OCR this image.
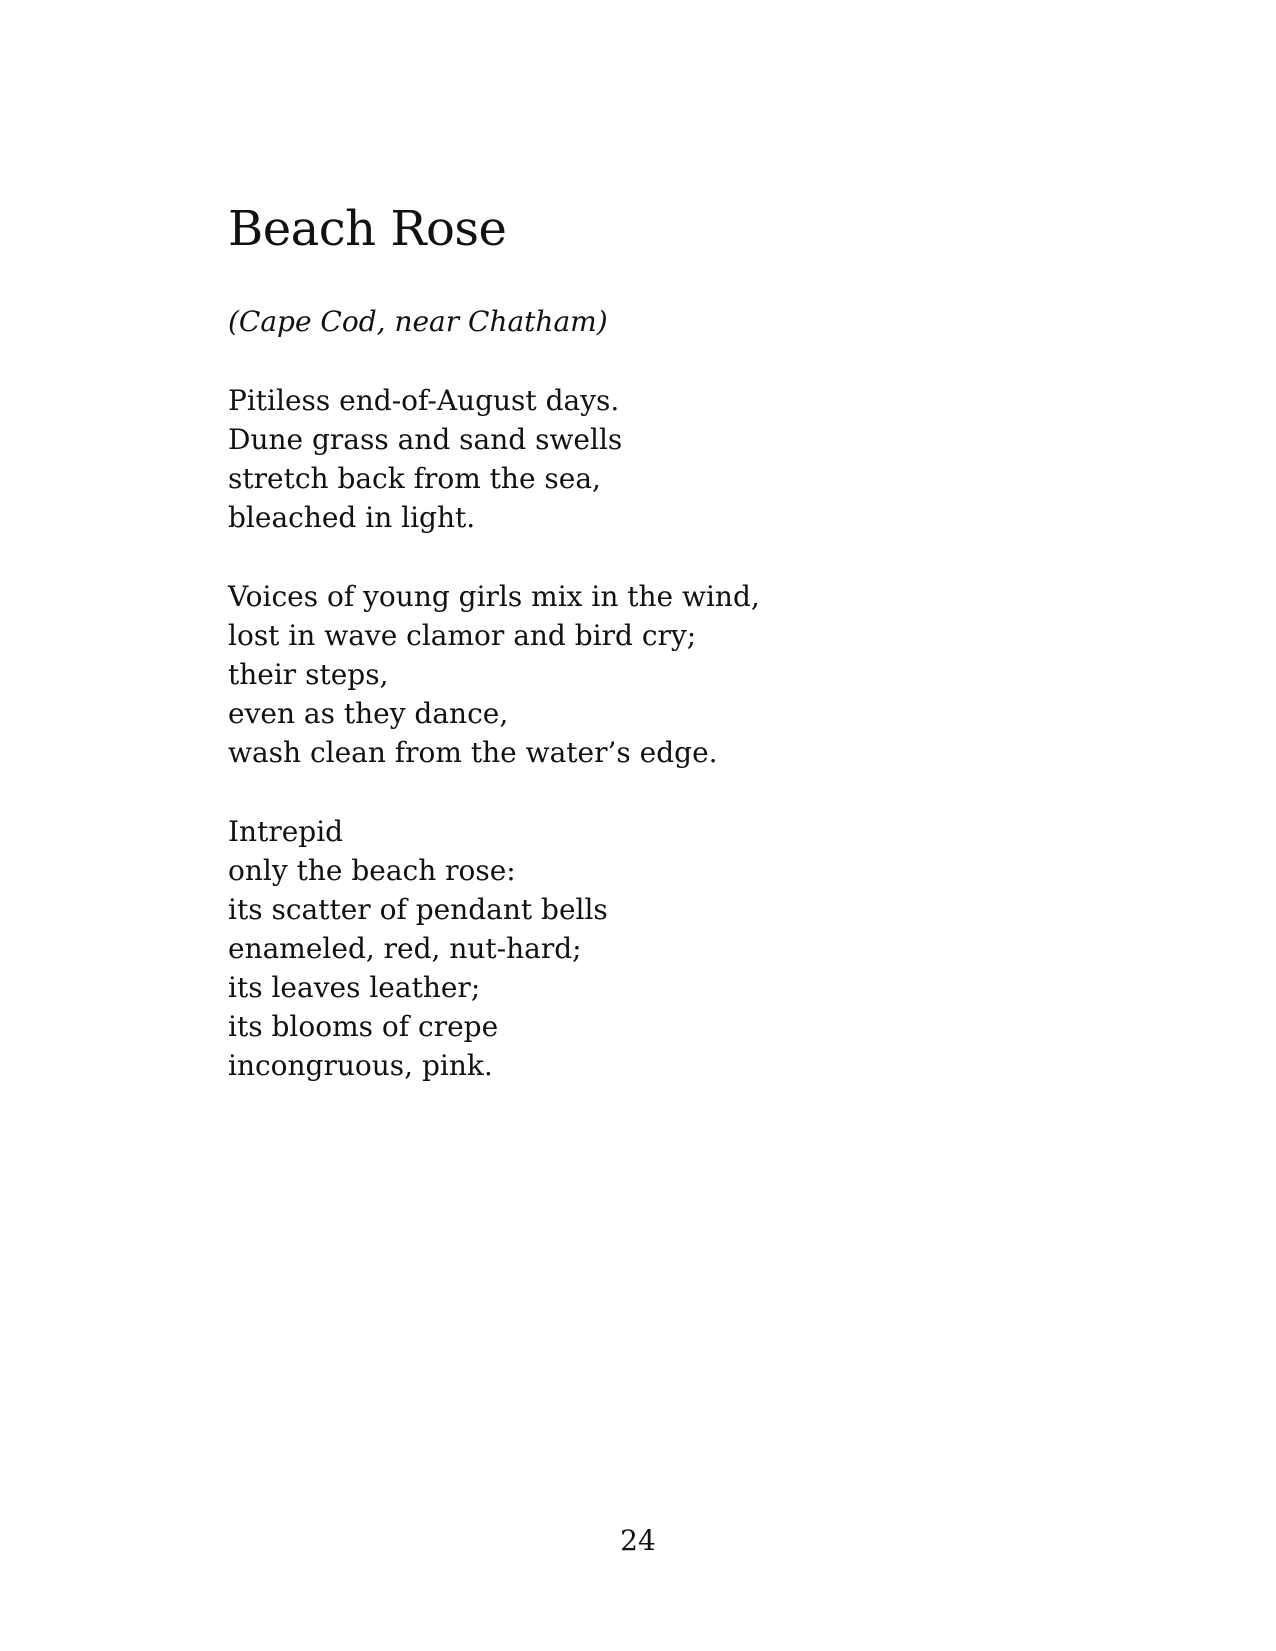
Beach Rose

(Cape Cod, near Chatham)

Pitiless end-of-August days.
Dune grass and sand swells
stretch back from the sea,
bleached in light.
Voices of young girls mix in the wind,
lost in wave clamor and bird cry;
their steps,
even as they dance,
wash clean from the water’s edge.
Intrepid
only the beach rose:
its scatter of pendant bells
enameled, red, nut-hard;
its leaves leather;
its blooms of crepe
incongruous, pink.

24
